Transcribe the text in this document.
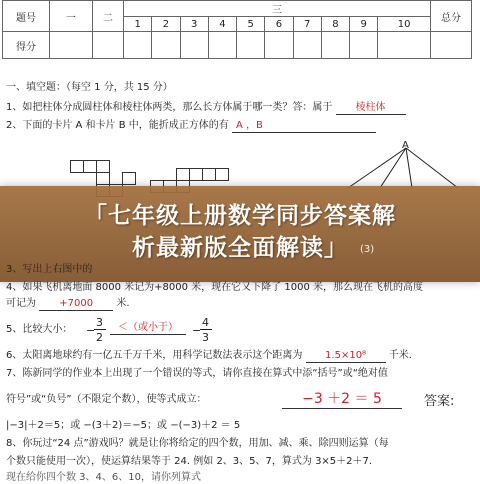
题号	一	二	三										总分
			1	2	3	4	5	6	7	8	9	10	
得分													
一、填空题：（每空 1 分，共 15 分）
1、如把柱体分成圆柱体和棱柱体两类，那么长方体属于哪一类？答：属于 棱柱体
2、下面的卡片 A 和卡片 B 中，能折成正方体的有 A ，B
A
「七年级上册数学同步答案解
析最新版全面解读」	(3)
3、写出上右图中的
4、如果飞机离地面 8000 米记为+8000 米，现在它又下降了 1000 米，那么现在飞机的高度
可记为 +7000 米.
5、比较大小： −
3
2
＜（或小于）	−
4
3
6、太阳离地球约有一亿五千万千米，用科学记数法表示这个距离为 1.5×10⁸ 千米.
7、陈新同学的作业本上出现了一个错误的等式，请你直接在算式中添“括号”或“绝对值
符号”或“负号”（不限定个数），使等式成立：	−3 ＋2 ＝ 5	答案:
|−3|＋2＝5；或 −(3＋2)＝−5；或 −(−3)＋2 ＝ 5
8、你玩过“24 点”游戏吗？就是让你将给定的四个数，用加、减、乘、除四则运算（每
个数只能使用一次），使运算结果等于 24. 例如 2、3、5、7，算式为 3×5＋2＋7.
现在给你四个数 3、4、6、10，请你列算式
